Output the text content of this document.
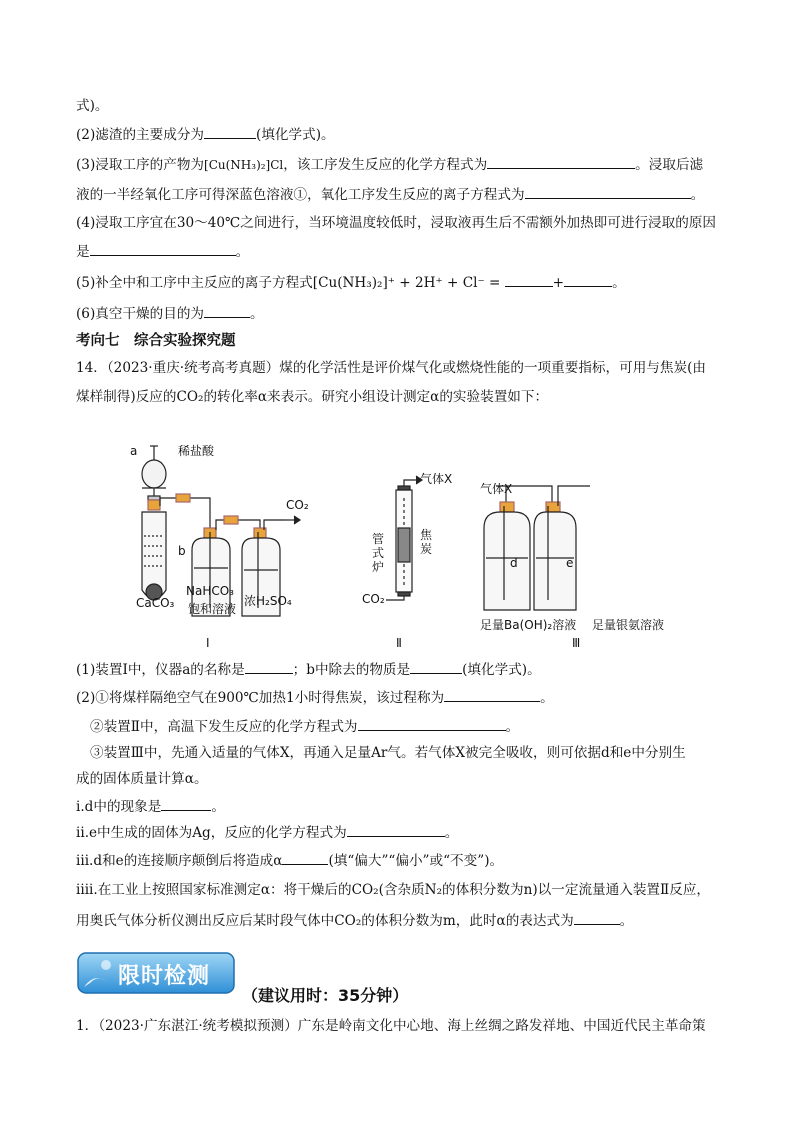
式)。
(2)滤渣的主要成分为	(填化学式)。
(3)浸取工序的产物为[Cu(NH₃)₂]Cl，该工序发生反应的化学方程式为	。浸取后滤
液的一半经氧化工序可得深蓝色溶液①，氧化工序发生反应的离子方程式为	。
(4)浸取工序宜在30～40℃之间进行，当环境温度较低时，浸取液再生后不需额外加热即可进行浸取的原因
是	。
(5)补全中和工序中主反应的离子方程式[Cu(NH₃)₂]⁺ + 2H⁺ + Cl⁻ =	+	。
(6)真空干燥的目的为	。
考向七　综合实验探究题
14．（2023·重庆·统考高考真题）煤的化学活性是评价煤气化或燃烧性能的一项重要指标，可用与焦炭(由
煤样制得)反应的CO₂的转化率α来表示。研究小组设计测定α的实验装置如下：
a	稀盐酸
CO₂
b
CaCO₃
NaHCO₃
饱和溶液
浓H₂SO₄
气体X
管
式
炉
焦
炭
CO₂
气体X
d	e
足量Ba(OH)₂溶液 足量银氨溶液
Ⅰ	Ⅱ	Ⅲ
(1)装置Ⅰ中，仪器a的名称是	；b中除去的物质是	(填化学式)。
(2)①将煤样隔绝空气在900℃加热1小时得焦炭，该过程称为	。
②装置Ⅱ中，高温下发生反应的化学方程式为	。
③装置Ⅲ中，先通入适量的气体X，再通入足量Ar气。若气体X被完全吸收，则可依据d和e中分别生
成的固体质量计算α。
i.d中的现象是	。
ii.e中生成的固体为Ag，反应的化学方程式为	。
iii.d和e的连接顺序颠倒后将造成α	(填“偏大”“偏小”或“不变”)。
iiii.在工业上按照国家标准测定α：将干燥后的CO₂(含杂质N₂的体积分数为n)以一定流量通入装置Ⅱ反应，
用奥氏气体分析仪测出反应后某时段气体中CO₂的体积分数为m，此时α的表达式为	。
限时检测
（建议用时：35分钟）
1．（2023·广东湛江·统考模拟预测）广东是岭南文化中心地、海上丝绸之路发祥地、中国近代民主革命策
